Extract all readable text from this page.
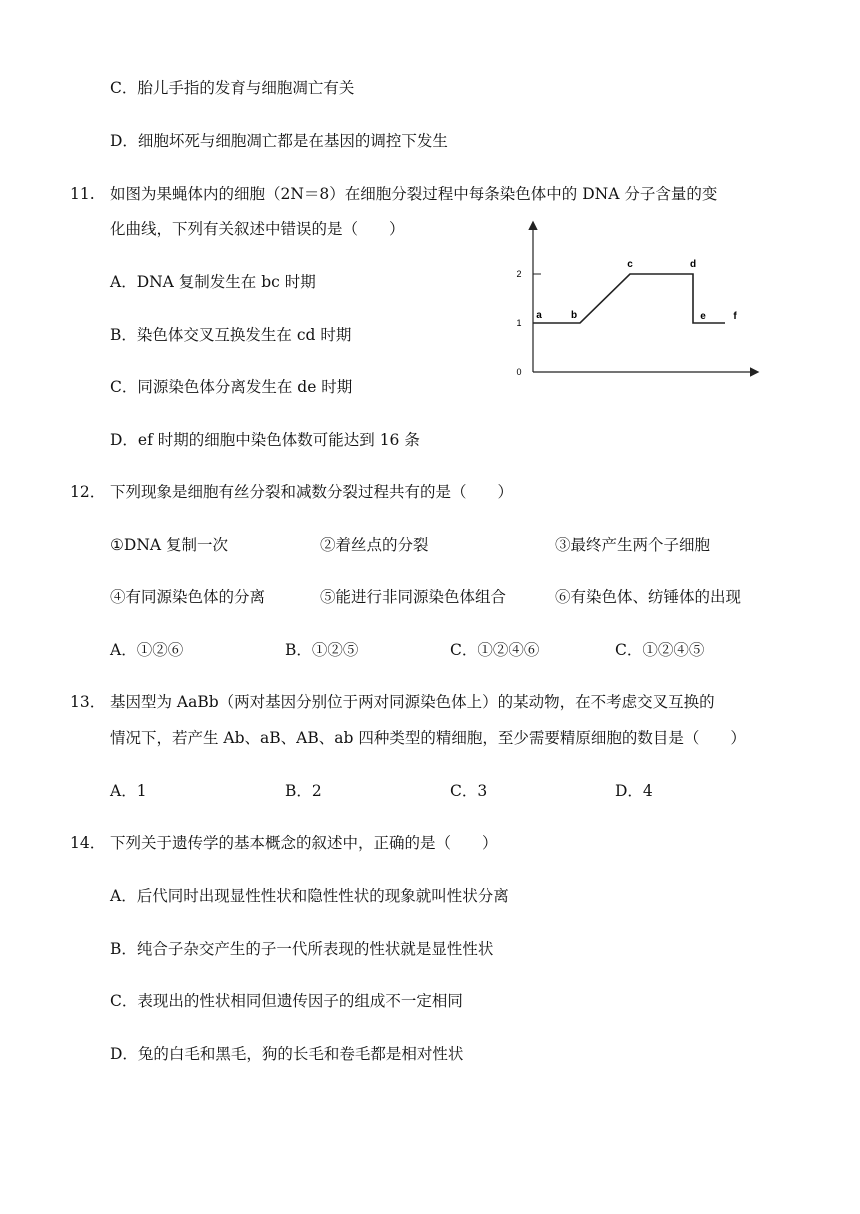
C．胎儿手指的发育与细胞凋亡有关
D．细胞坏死与细胞凋亡都是在基因的调控下发生
11. 如图为果蝇体内的细胞（2N＝8）在细胞分裂过程中每条染色体中的 DNA 分子含量的变
化曲线，下列有关叙述中错误的是（　　）
A．DNA 复制发生在 bc 时期
B．染色体交叉互换发生在 cd 时期
C．同源染色体分离发生在 de 时期
D．ef 时期的细胞中染色体数可能达到 16 条
0
1
2
a	b
c	d
e	f
12． 下列现象是细胞有丝分裂和减数分裂过程共有的是（　　）
①DNA 复制一次	②着丝点的分裂	③最终产生两个子细胞
④有同源染色体的分离	⑤能进行非同源染色体组合	⑥有染色体、纺锤体的出现
A．①②⑥	B．①②⑤	C．①②④⑥	C．①②④⑤
13． 基因型为 AaBb（两对基因分别位于两对同源染色体上）的某动物，在不考虑交叉互换的
情况下，若产生 Ab、aB、AB、ab 四种类型的精细胞，至少需要精原细胞的数目是（　　）
A．1	B．2	C．3	D．4
14． 下列关于遗传学的基本概念的叙述中，正确的是（　　）
A．后代同时出现显性性状和隐性性状的现象就叫性状分离
B．纯合子杂交产生的子一代所表现的性状就是显性性状
C．表现出的性状相同但遗传因子的组成不一定相同
D．兔的白毛和黑毛，狗的长毛和卷毛都是相对性状
